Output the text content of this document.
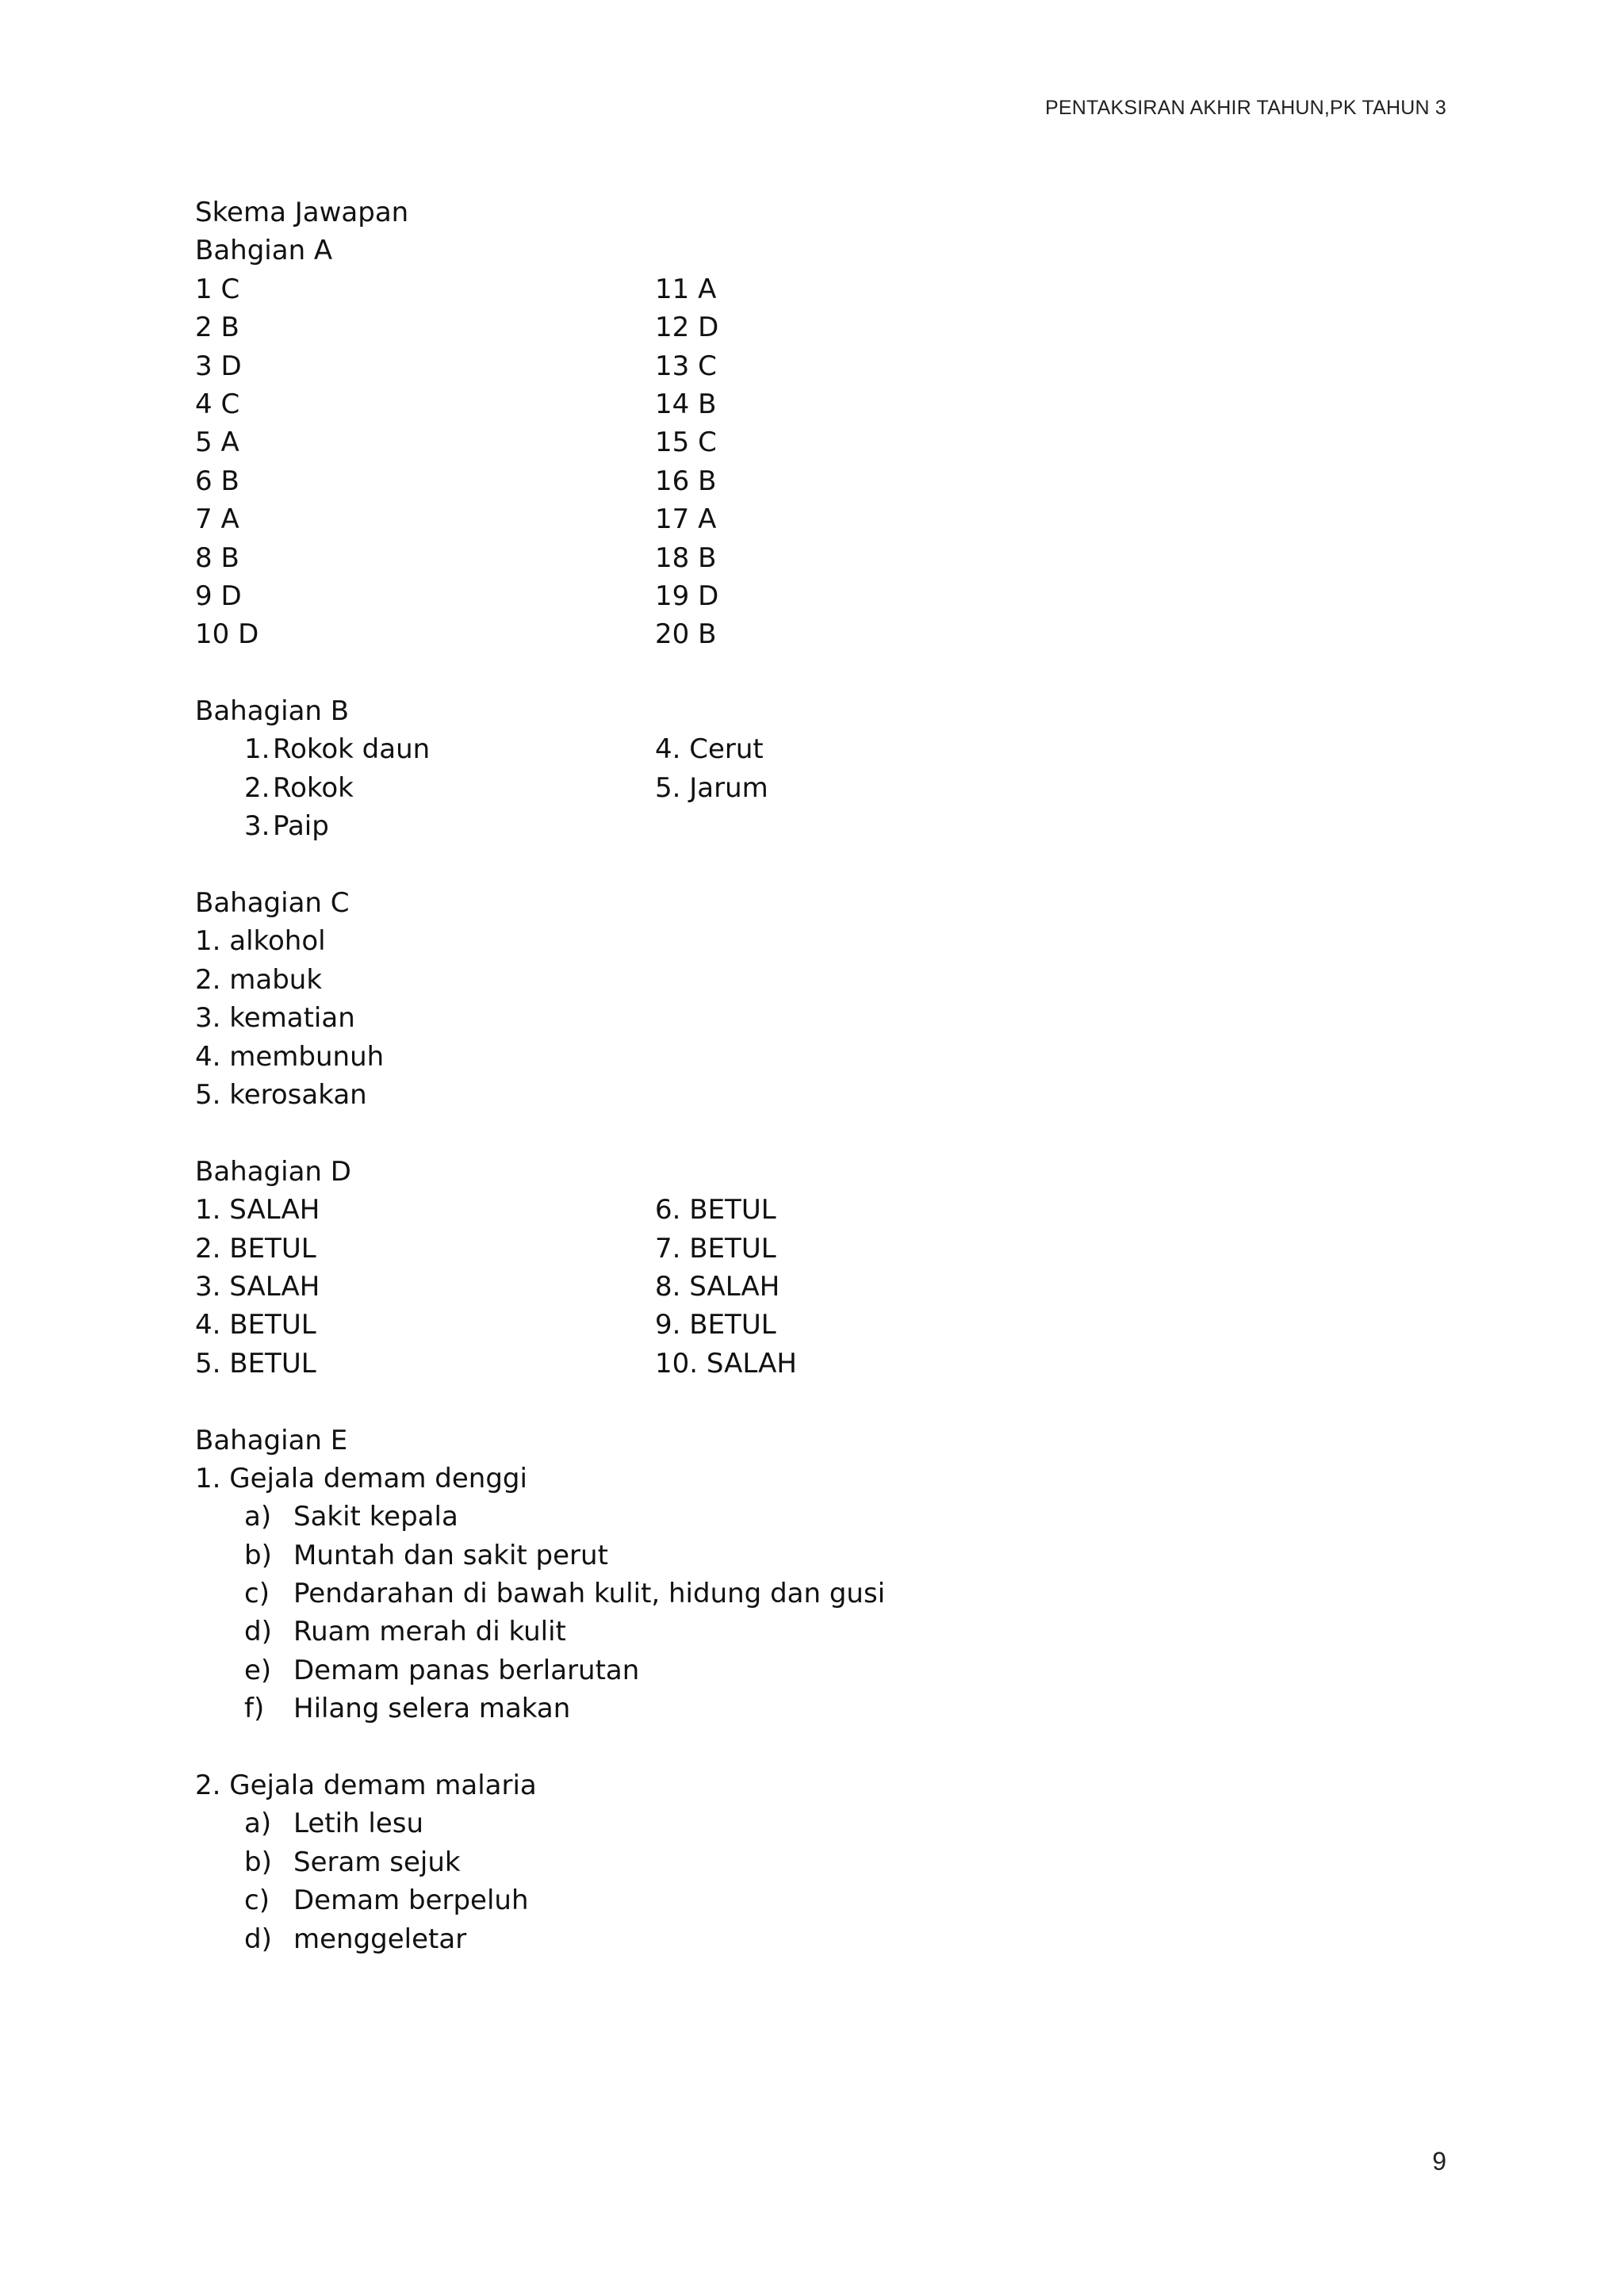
PENTAKSIRAN AKHIR TAHUN,PK TAHUN 3
Skema Jawapan
Bahgian A
1 C	11 A
2 B	12 D
3 D	13 C
4 C	14 B
5 A	15 C
6 B	16 B
7 A	17 A
8 B	18 B
9 D	19 D
10 D	20 B
Bahagian B
1. Rokok daun	4. Cerut
2. Rokok	5. Jarum
3. Paip
Bahagian C
1. alkohol
2. mabuk
3. kematian
4. membunuh
5. kerosakan
Bahagian D
1. SALAH	6. BETUL
2. BETUL	7. BETUL
3. SALAH	8. SALAH
4. BETUL	9. BETUL
5. BETUL	10. SALAH
Bahagian E
1. Gejala demam denggi
a) Sakit kepala
b) Muntah dan sakit perut
c) Pendarahan di bawah kulit, hidung dan gusi
d) Ruam merah di kulit
e) Demam panas berlarutan
f) Hilang selera makan
2. Gejala demam malaria
a) Letih lesu
b) Seram sejuk
c) Demam berpeluh
d) menggeletar
9
